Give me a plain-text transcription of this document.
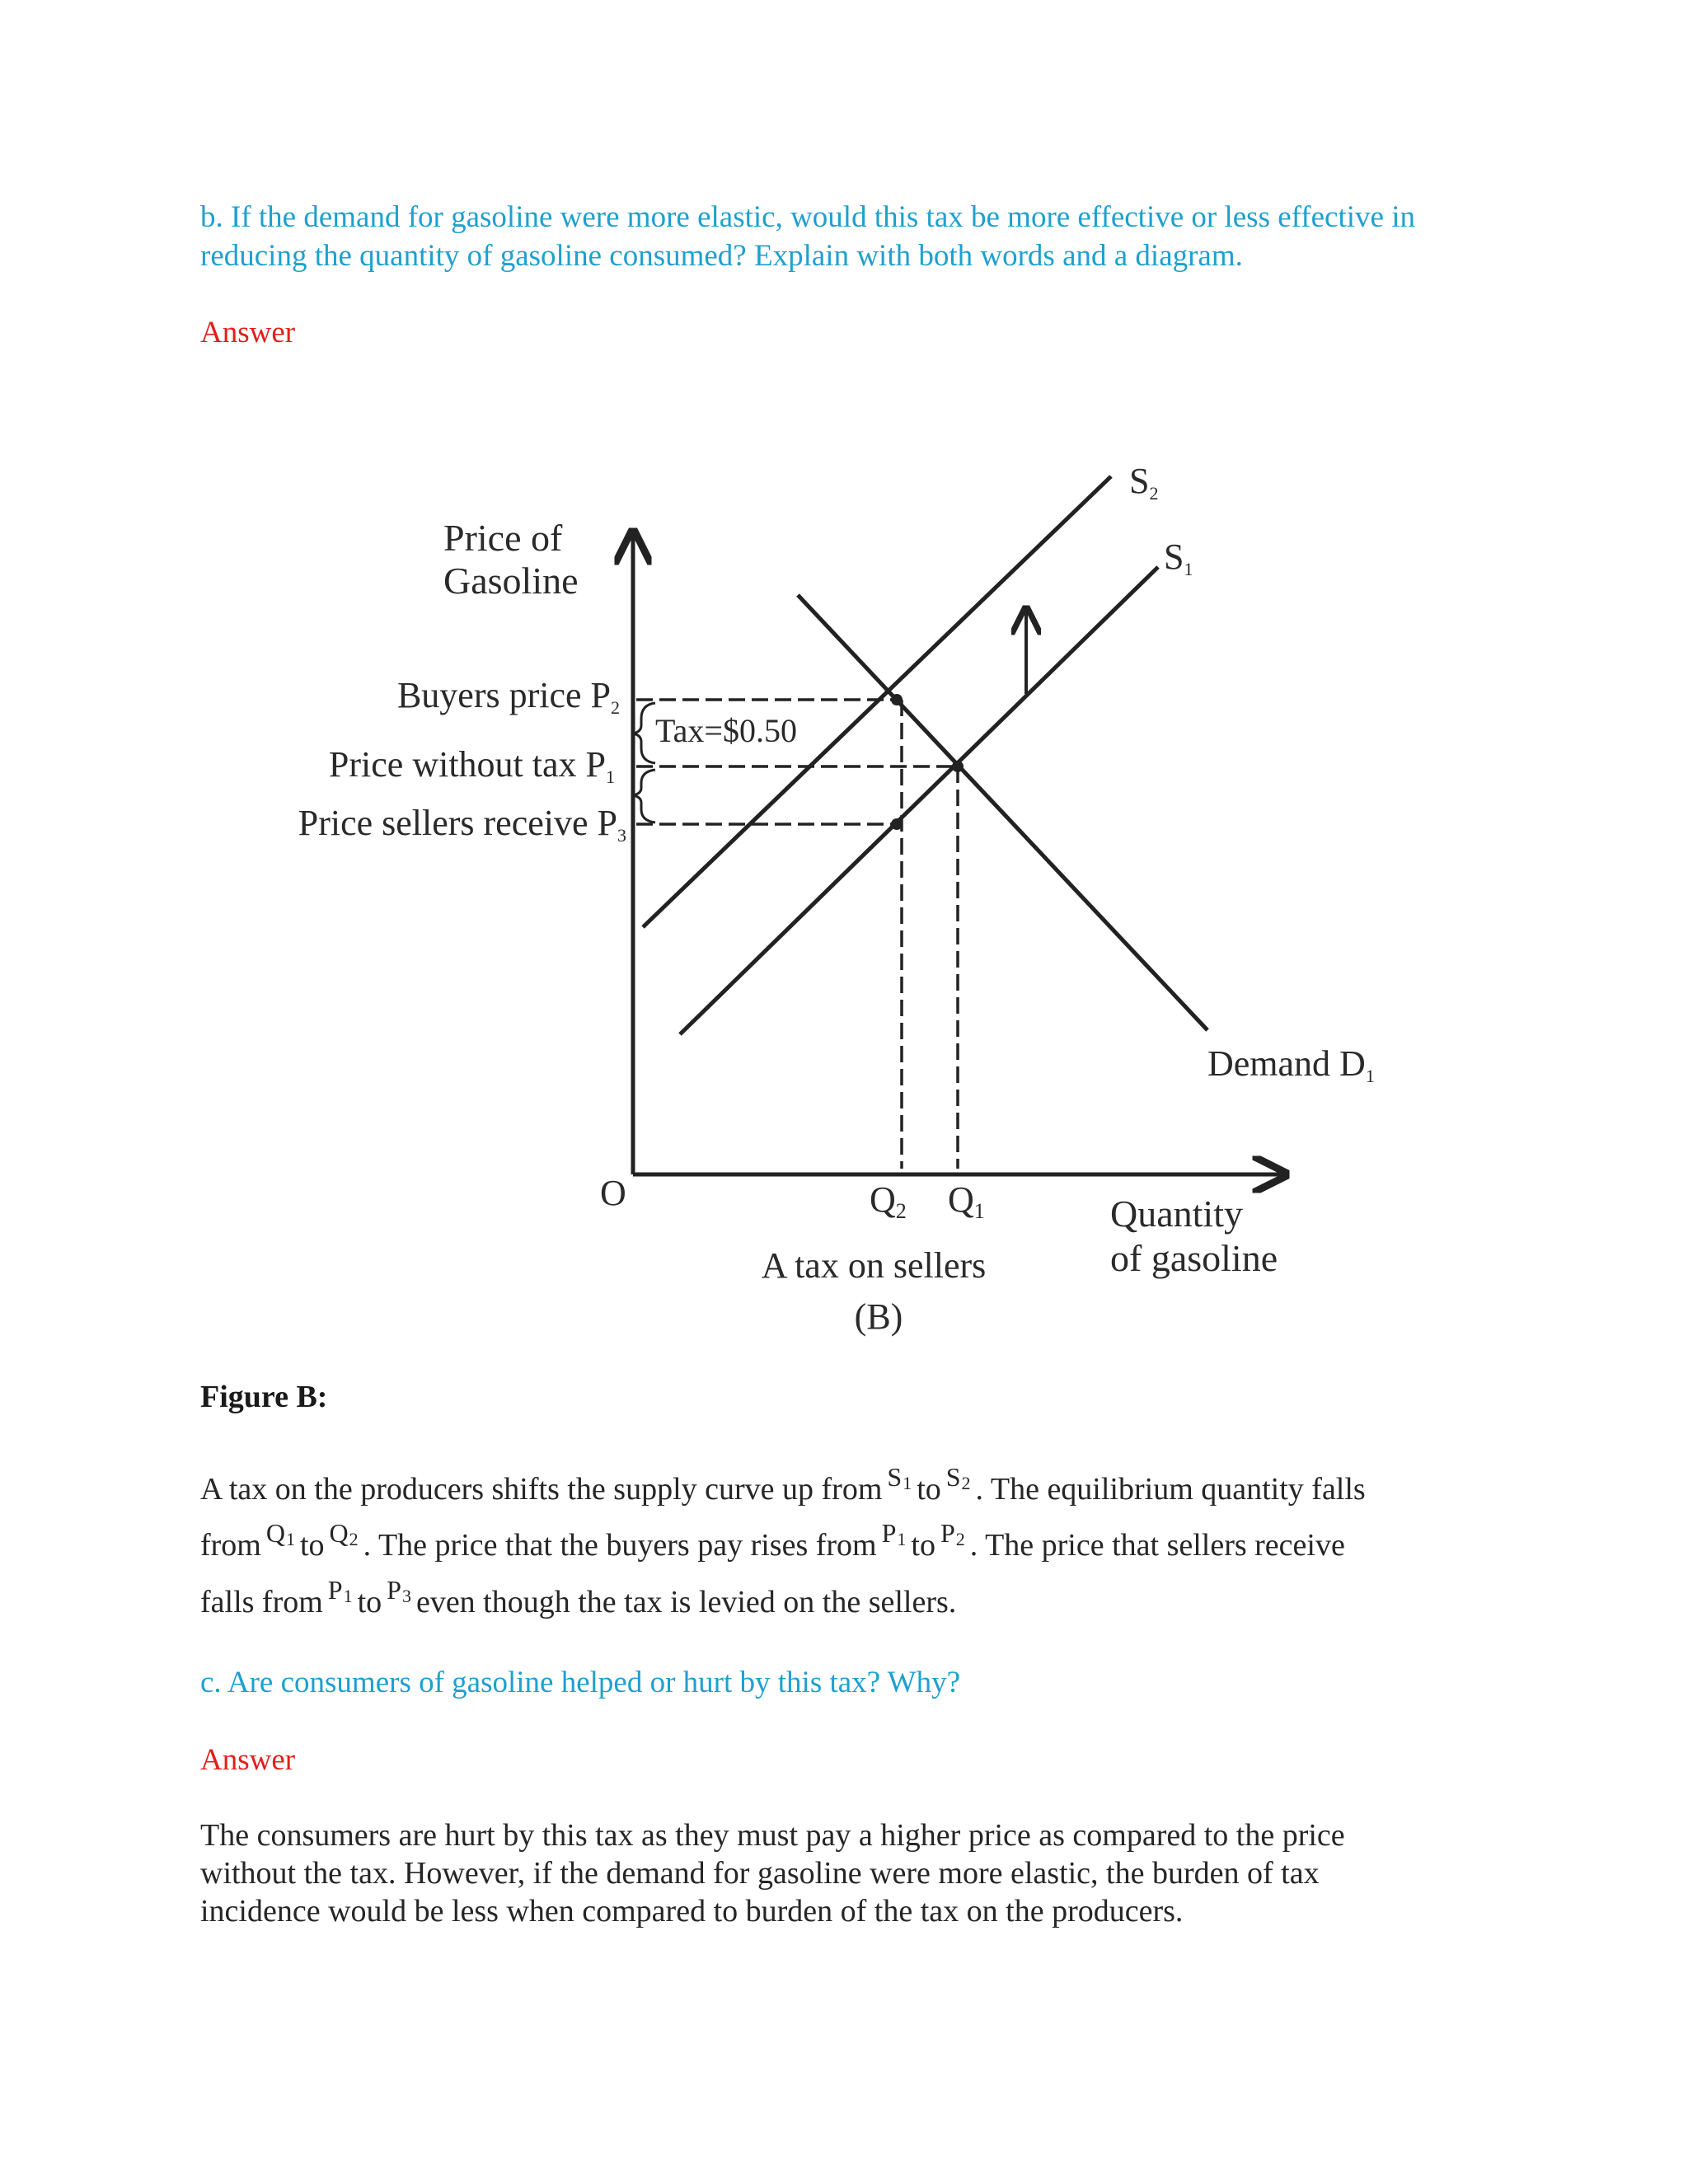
b. If the demand for gasoline were more elastic, would this tax be more effective or less effective in reducing the quantity of gasoline consumed? Explain with both words and a diagram.

Answer

Price of
Gasoline
Buyers price P2
Price without tax P1
Price sellers receive P3
Tax=$0.50
S2
S1
Demand D1
O	Q2 Q1	Quantity
of gasoline
A tax on sellers
(B)

Figure B:

A tax on the producers shifts the supply curve up from $S_1$ to $S_2$ . The equilibrium quantity falls
from $Q_1$ to $Q_2$ . The price that the buyers pay rises from $P_1$ to $P_2$ . The price that sellers receive
falls from $P_1$ to $P_3$ even though the tax is levied on the sellers.

c. Are consumers of gasoline helped or hurt by this tax? Why?

Answer

The consumers are hurt by this tax as they must pay a higher price as compared to the price without the tax. However, if the demand for gasoline were more elastic, the burden of tax incidence would be less when compared to burden of the tax on the producers.
